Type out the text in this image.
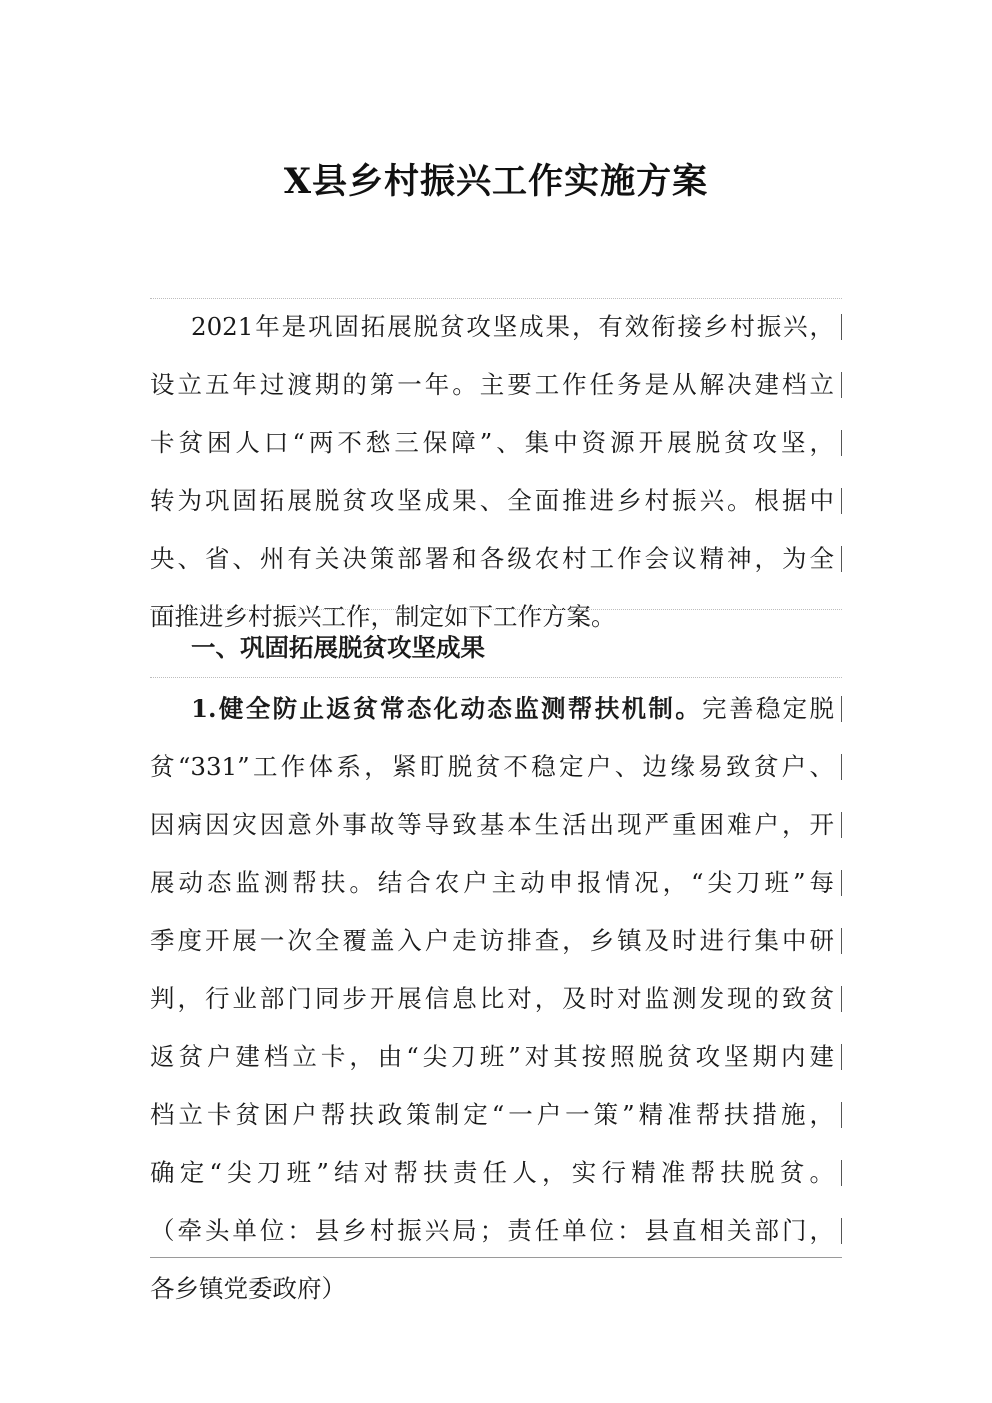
X县乡村振兴工作实施方案
2021年是巩固拓展脱贫攻坚成果，有效衔接乡村振兴，
设立五年过渡期的第一年。主要工作任务是从解决建档立
卡贫困人口“两不愁三保障”、集中资源开展脱贫攻坚，
转为巩固拓展脱贫攻坚成果、全面推进乡村振兴。根据中
央、省、州有关决策部署和各级农村工作会议精神，为全
面推进乡村振兴工作，制定如下工作方案。
一、巩固拓展脱贫攻坚成果
1.健全防止返贫常态化动态监测帮扶机制。完善稳定脱
贫“331”工作体系，紧盯脱贫不稳定户、边缘易致贫户、
因病因灾因意外事故等导致基本生活出现严重困难户，开
展动态监测帮扶。结合农户主动申报情况，“尖刀班”每
季度开展一次全覆盖入户走访排查，乡镇及时进行集中研
判，行业部门同步开展信息比对，及时对监测发现的致贫
返贫户建档立卡，由“尖刀班”对其按照脱贫攻坚期内建
档立卡贫困户帮扶政策制定“一户一策”精准帮扶措施，
确定“尖刀班”结对帮扶责任人，实行精准帮扶脱贫。
（牵头单位：县乡村振兴局；责任单位：县直相关部门，
各乡镇党委政府）
